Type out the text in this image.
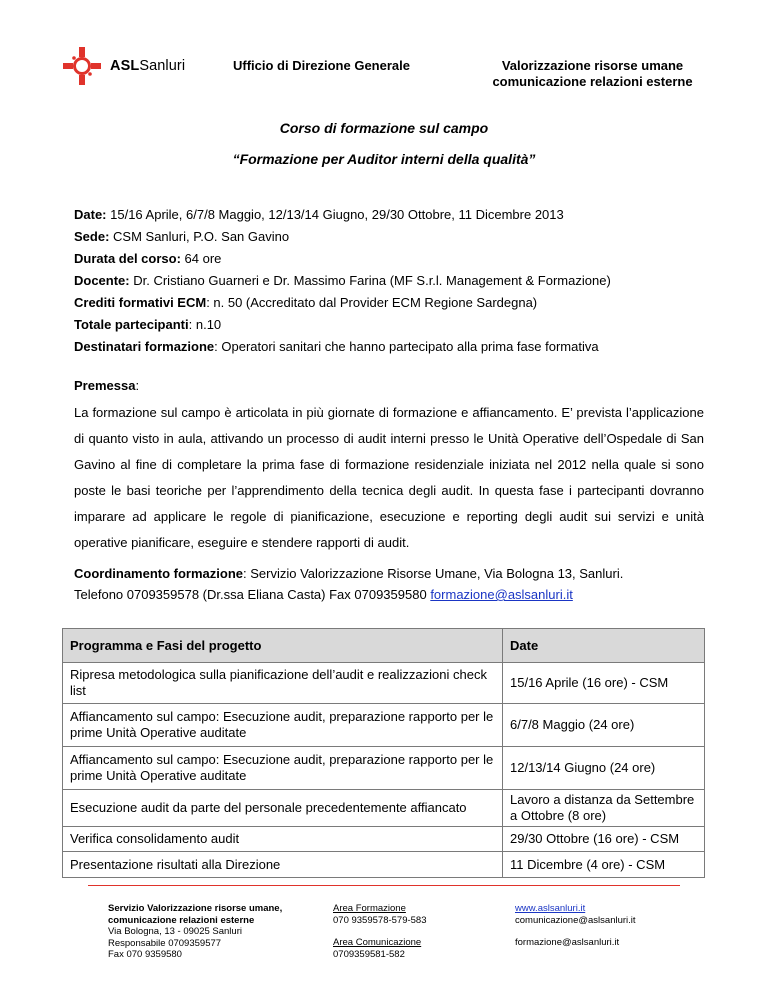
ASLSanluri	Ufficio di Direzione Generale	Valorizzazione risorse umane
comunicazione relazioni esterne
Corso di formazione sul campo
“Formazione per Auditor interni della qualità”
Date: 15/16 Aprile, 6/7/8 Maggio, 12/13/14 Giugno, 29/30 Ottobre, 11 Dicembre 2013
Sede: CSM Sanluri, P.O. San Gavino
Durata del corso: 64 ore
Docente: Dr. Cristiano Guarneri e Dr. Massimo Farina (MF S.r.l. Management & Formazione)
Crediti formativi ECM: n. 50 (Accreditato dal Provider ECM Regione Sardegna)
Totale partecipanti: n.10
Destinatari formazione: Operatori sanitari che hanno partecipato alla prima fase formativa
Premessa:
La formazione sul campo è articolata in più giornate di formazione e affiancamento. E’ prevista l’applicazione di quanto visto in aula, attivando un processo di audit interni presso le Unità Operative dell’Ospedale di San Gavino al fine di completare la prima fase di formazione residenziale iniziata nel 2012 nella quale si sono poste le basi teoriche per l’apprendimento della tecnica degli audit. In questa fase i partecipanti dovranno imparare ad applicare le regole di pianificazione, esecuzione e reporting degli audit sui servizi e unità operative pianificare, eseguire e stendere rapporti di audit.
Coordinamento formazione: Servizio Valorizzazione Risorse Umane, Via Bologna 13, Sanluri.
Telefono 0709359578 (Dr.ssa Eliana Casta) Fax 0709359580 formazione@aslsanluri.it
Programma e Fasi del progetto	Date
Ripresa metodologica sulla pianificazione dell’audit e realizzazioni check list	15/16 Aprile (16 ore) - CSM
Affiancamento sul campo: Esecuzione audit, preparazione rapporto per le prime Unità Operative auditate	6/7/8 Maggio (24 ore)
Affiancamento sul campo: Esecuzione audit, preparazione rapporto per le prime Unità Operative auditate	12/13/14 Giugno (24 ore)
Esecuzione audit da parte del personale precedentemente affiancato	Lavoro a distanza da Settembre a Ottobre (8 ore)
Verifica consolidamento audit	29/30 Ottobre (16 ore) - CSM
Presentazione risultati alla Direzione	11 Dicembre (4 ore) - CSM
Servizio Valorizzazione risorse umane,
comunicazione relazioni esterne
Via Bologna, 13 - 09025 Sanluri
Responsabile 0709359577
Fax 070 9359580
Area Formazione
070 9359578-579-583
Area Comunicazione
0709359581-582
www.aslsanluri.it
comunicazione@aslsanluri.it
formazione@aslsanluri.it
